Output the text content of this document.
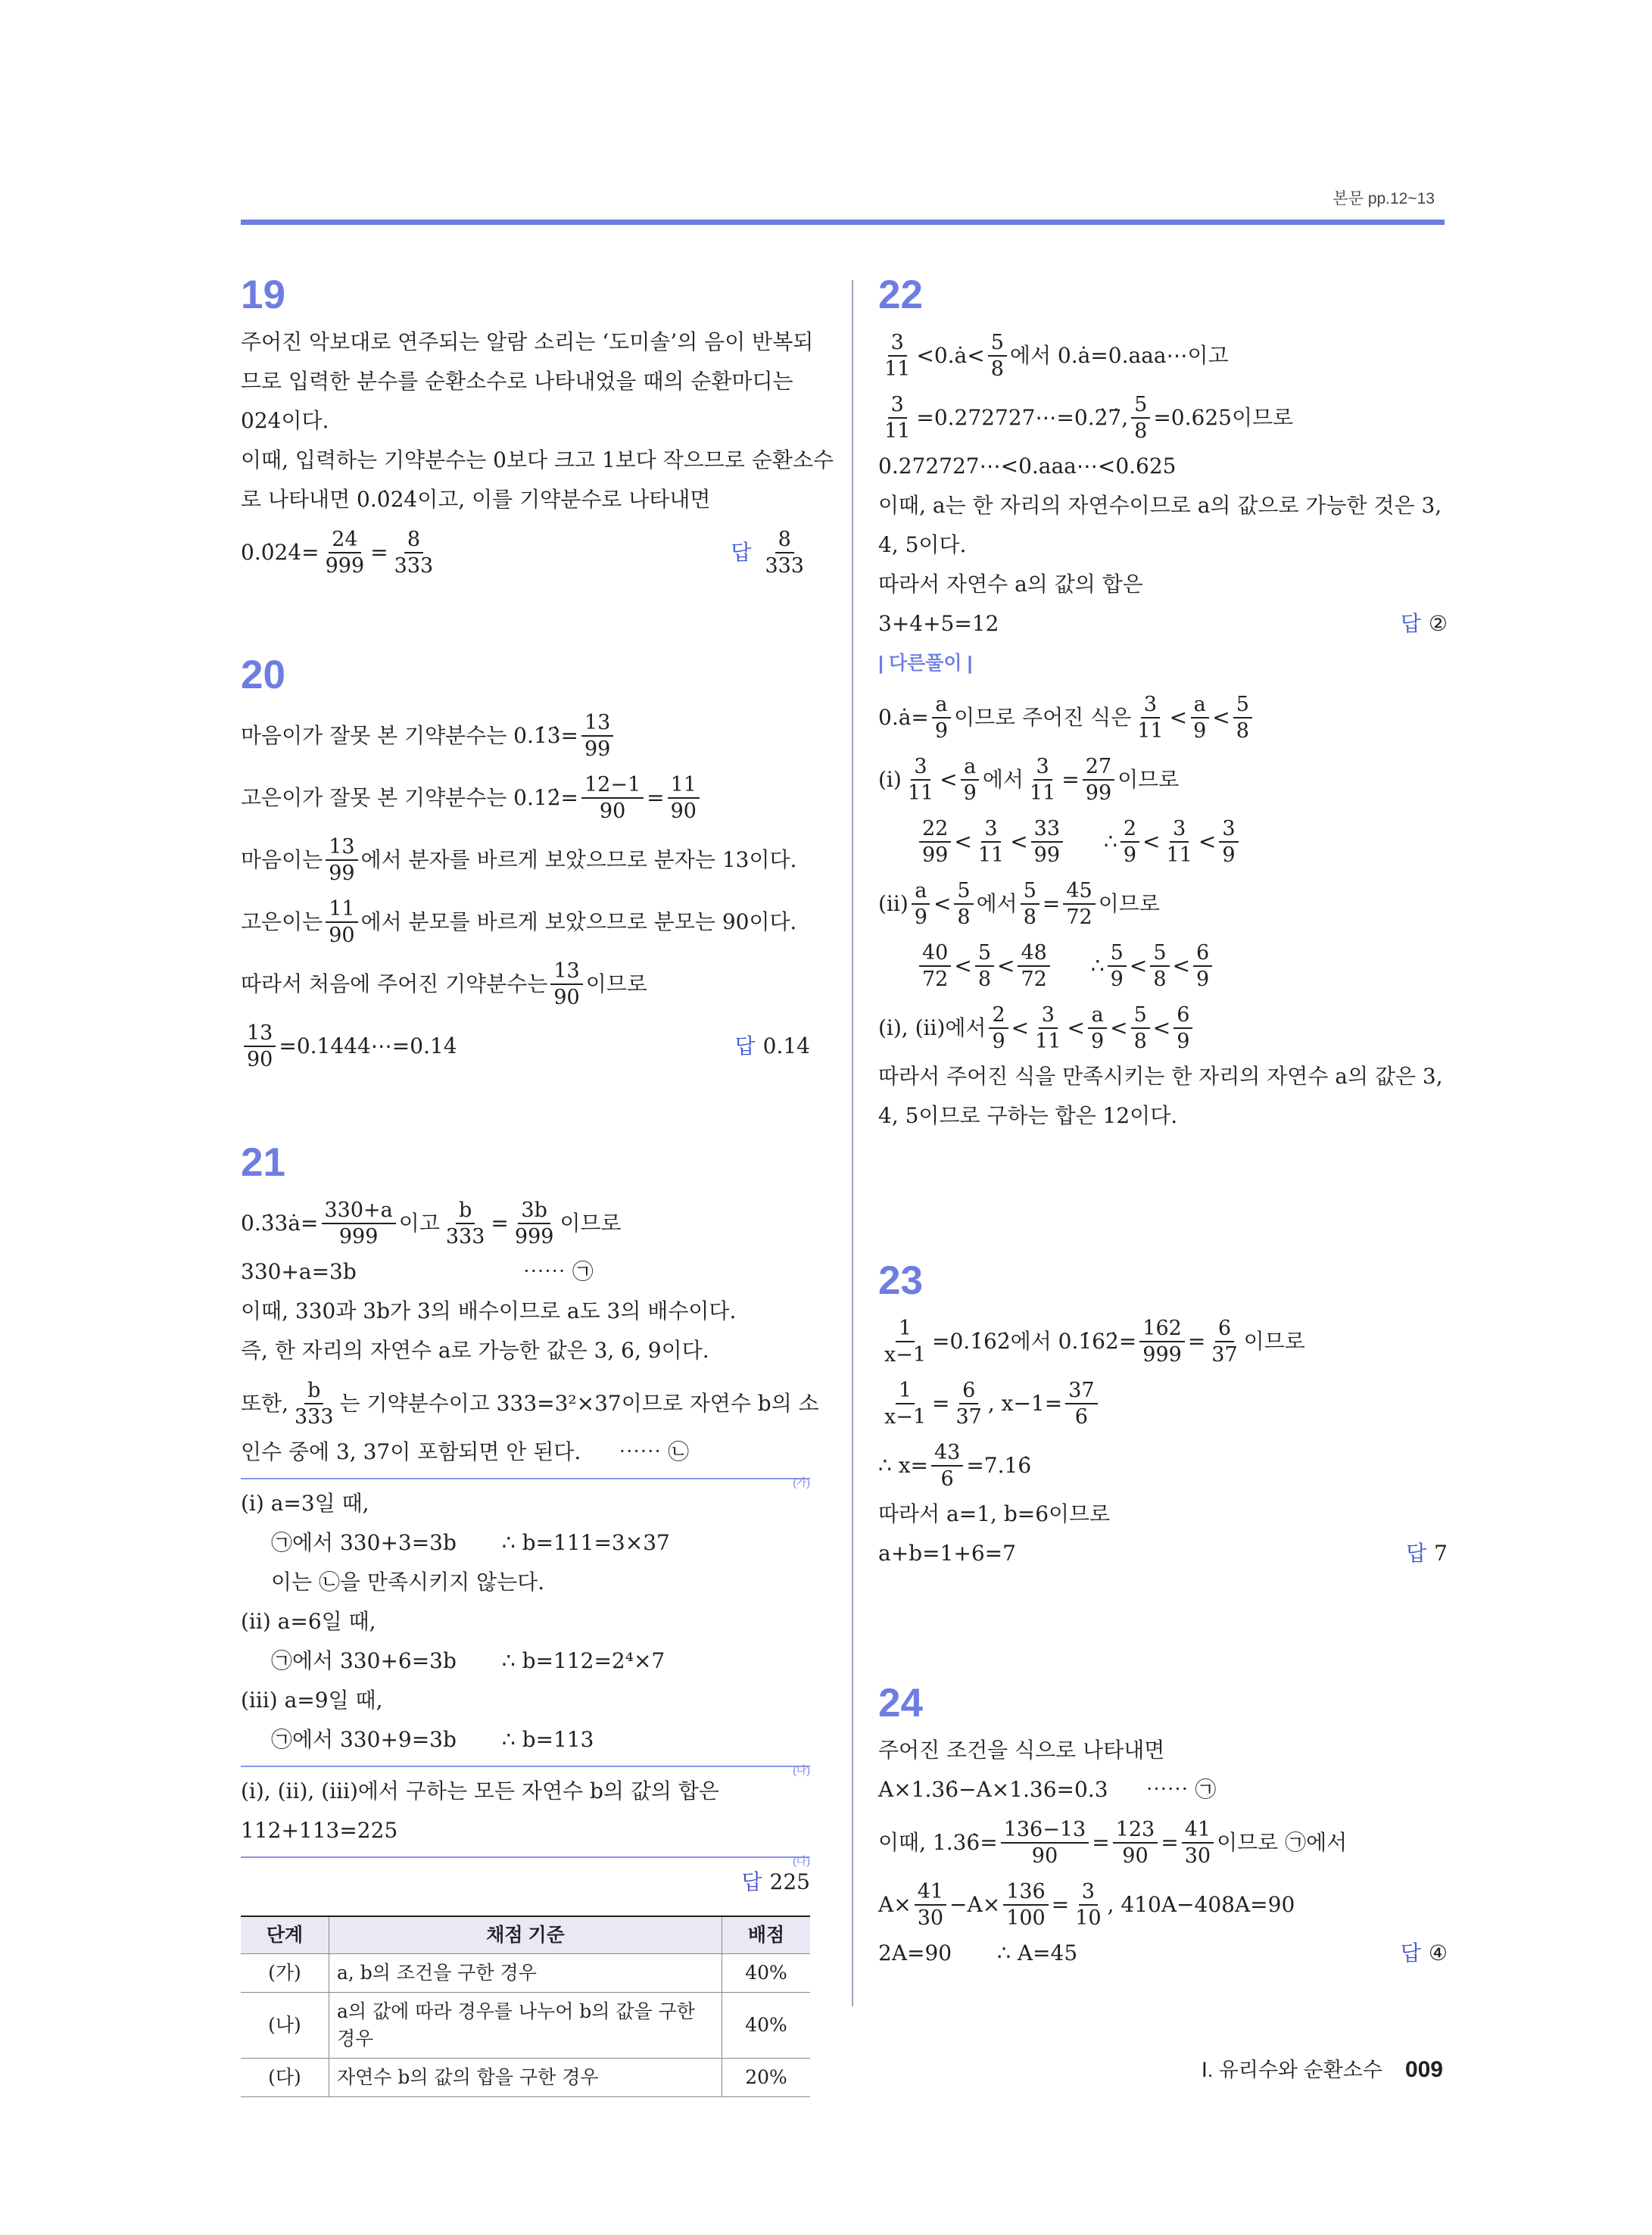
본문 pp.12~13
19
주어진 악보대로 연주되는 알람 소리는 ‘도미솔’의 음이 반복되
므로 입력한 분수를 순환소수로 나타내었을 때의 순환마디는
024이다.
이때, 입력하는 기약분수는 0보다 크고 1보다 작으므로 순환소수
로 나타내면 0.0̇24̇이고, 이를 기약분수로 나타내면
0.0̇24̇= $\frac{24}{999} = \frac{8}{333}$	답 $\frac{8}{333}$
20
마음이가 잘못 본 기약분수는 0.1̇3̇= $\frac{13}{99}$
고은이가 잘못 본 기약분수는 0.12̇= $\frac{12-1}{90} = \frac{11}{90}$
마음이는 $\frac{13}{99}$ 에서 분자를 바르게 보았으므로 분자는 13이다.
고은이는 $\frac{11}{90}$ 에서 분모를 바르게 보았으므로 분모는 90이다.
따라서 처음에 주어진 기약분수는 $\frac{13}{90}$ 이므로
$\frac{13}{90}$ =0.1444⋯=0.14̇	답 0.14̇
21
0.3̇3ȧ= $\frac{330+a}{999}$ 이고 $\frac{b}{333} = \frac{3b}{999}$ 이므로
330+a=3b	⋯⋯ ㉠
이때, 330과 3b가 3의 배수이므로 a도 3의 배수이다.
즉, 한 자리의 자연수 a로 가능한 값은 3, 6, 9이다.
또한, $\frac{b}{333}$ 는 기약분수이고 333=3²×37이므로 자연수 b의 소
인수 중에 3, 37이 포함되면 안 된다. ⋯⋯ ㉡
(가)
(ⅰ) a=3일 때,
㉠에서 330+3=3b ∴ b=111=3×37
이는 ㉡을 만족시키지 않는다.
(ⅱ) a=6일 때,
㉠에서 330+6=3b ∴ b=112=2⁴×7
(ⅲ) a=9일 때,
㉠에서 330+9=3b ∴ b=113
(나)
(ⅰ), (ⅱ), (ⅲ)에서 구하는 모든 자연수 b의 값의 합은
112+113=225
(다)
답 225
단계	채점 기준	배점
(가)	a, b의 조건을 구한 경우	40%
(나)	a의 값에 따라 경우를 나누어 b의 값을 구한 경우	40%
(다)	자연수 b의 값의 합을 구한 경우	20%
22
$\frac{3}{11}$ <0.ȧ< $\frac{5}{8}$ 에서 0.ȧ=0.aaa⋯이고
$\frac{3}{11}$ =0.272727⋯=0.2̇7̇, $\frac{5}{8} =0.625$이므로
0.272727⋯<0.aaa⋯<0.625
이때, a는 한 자리의 자연수이므로 a의 값으로 가능한 것은 3,
4, 5이다.
따라서 자연수 a의 값의 합은
3+4+5=12	답 ②
| 다른풀이 |
0.ȧ= $\frac{a}{9}$ 이므로 주어진 식은 $\frac{3}{11} < \frac{a}{9} < \frac{5}{8}$
(ⅰ) $\frac{3}{11} < \frac{a}{9}$ 에서 $\frac{3}{11} = \frac{27}{99}$ 이므로
$\frac{22}{99} < \frac{3}{11} < \frac{33}{99}$ ∴ $\frac{2}{9} < \frac{3}{11} < \frac{3}{9}$
(ⅱ) $\frac{a}{9} < \frac{5}{8}$ 에서 $\frac{5}{8} = \frac{45}{72}$ 이므로
$\frac{40}{72} < \frac{5}{8} < \frac{48}{72}$ ∴ $\frac{5}{9} < \frac{5}{8} < \frac{6}{9}$
(ⅰ), (ⅱ)에서 $\frac{2}{9} < \frac{3}{11} < \frac{a}{9} < \frac{5}{8} < \frac{6}{9}$
따라서 주어진 식을 만족시키는 한 자리의 자연수 a의 값은 3,
4, 5이므로 구하는 합은 12이다.
23
$\frac{1}{x-1}$ =0.1̇62̇에서 0.1̇62̇= $\frac{162}{999} = \frac{6}{37}$ 이므로
$\frac{1}{x-1} = \frac{6}{37}$ , $x-1= \frac{37}{6}$
∴ $x= \frac{43}{6}$ =7.16̇
따라서 a=1, b=6이므로
a+b=1+6=7	답 7
24
주어진 조건을 식으로 나타내면
A×1.36̇−A×1.36=0.3 ⋯⋯ ㉠
이때, 1.36̇= $\frac{136-13}{90} = \frac{123}{90} = \frac{41}{30}$ 이므로 ㉠에서
$A\times \frac{41}{30} -A\times \frac{136}{100} = \frac{3}{10}$ , 410A−408A=90
2A=90 ∴ A=45	답 ④
Ⅰ. 유리수와 순환소수 009
